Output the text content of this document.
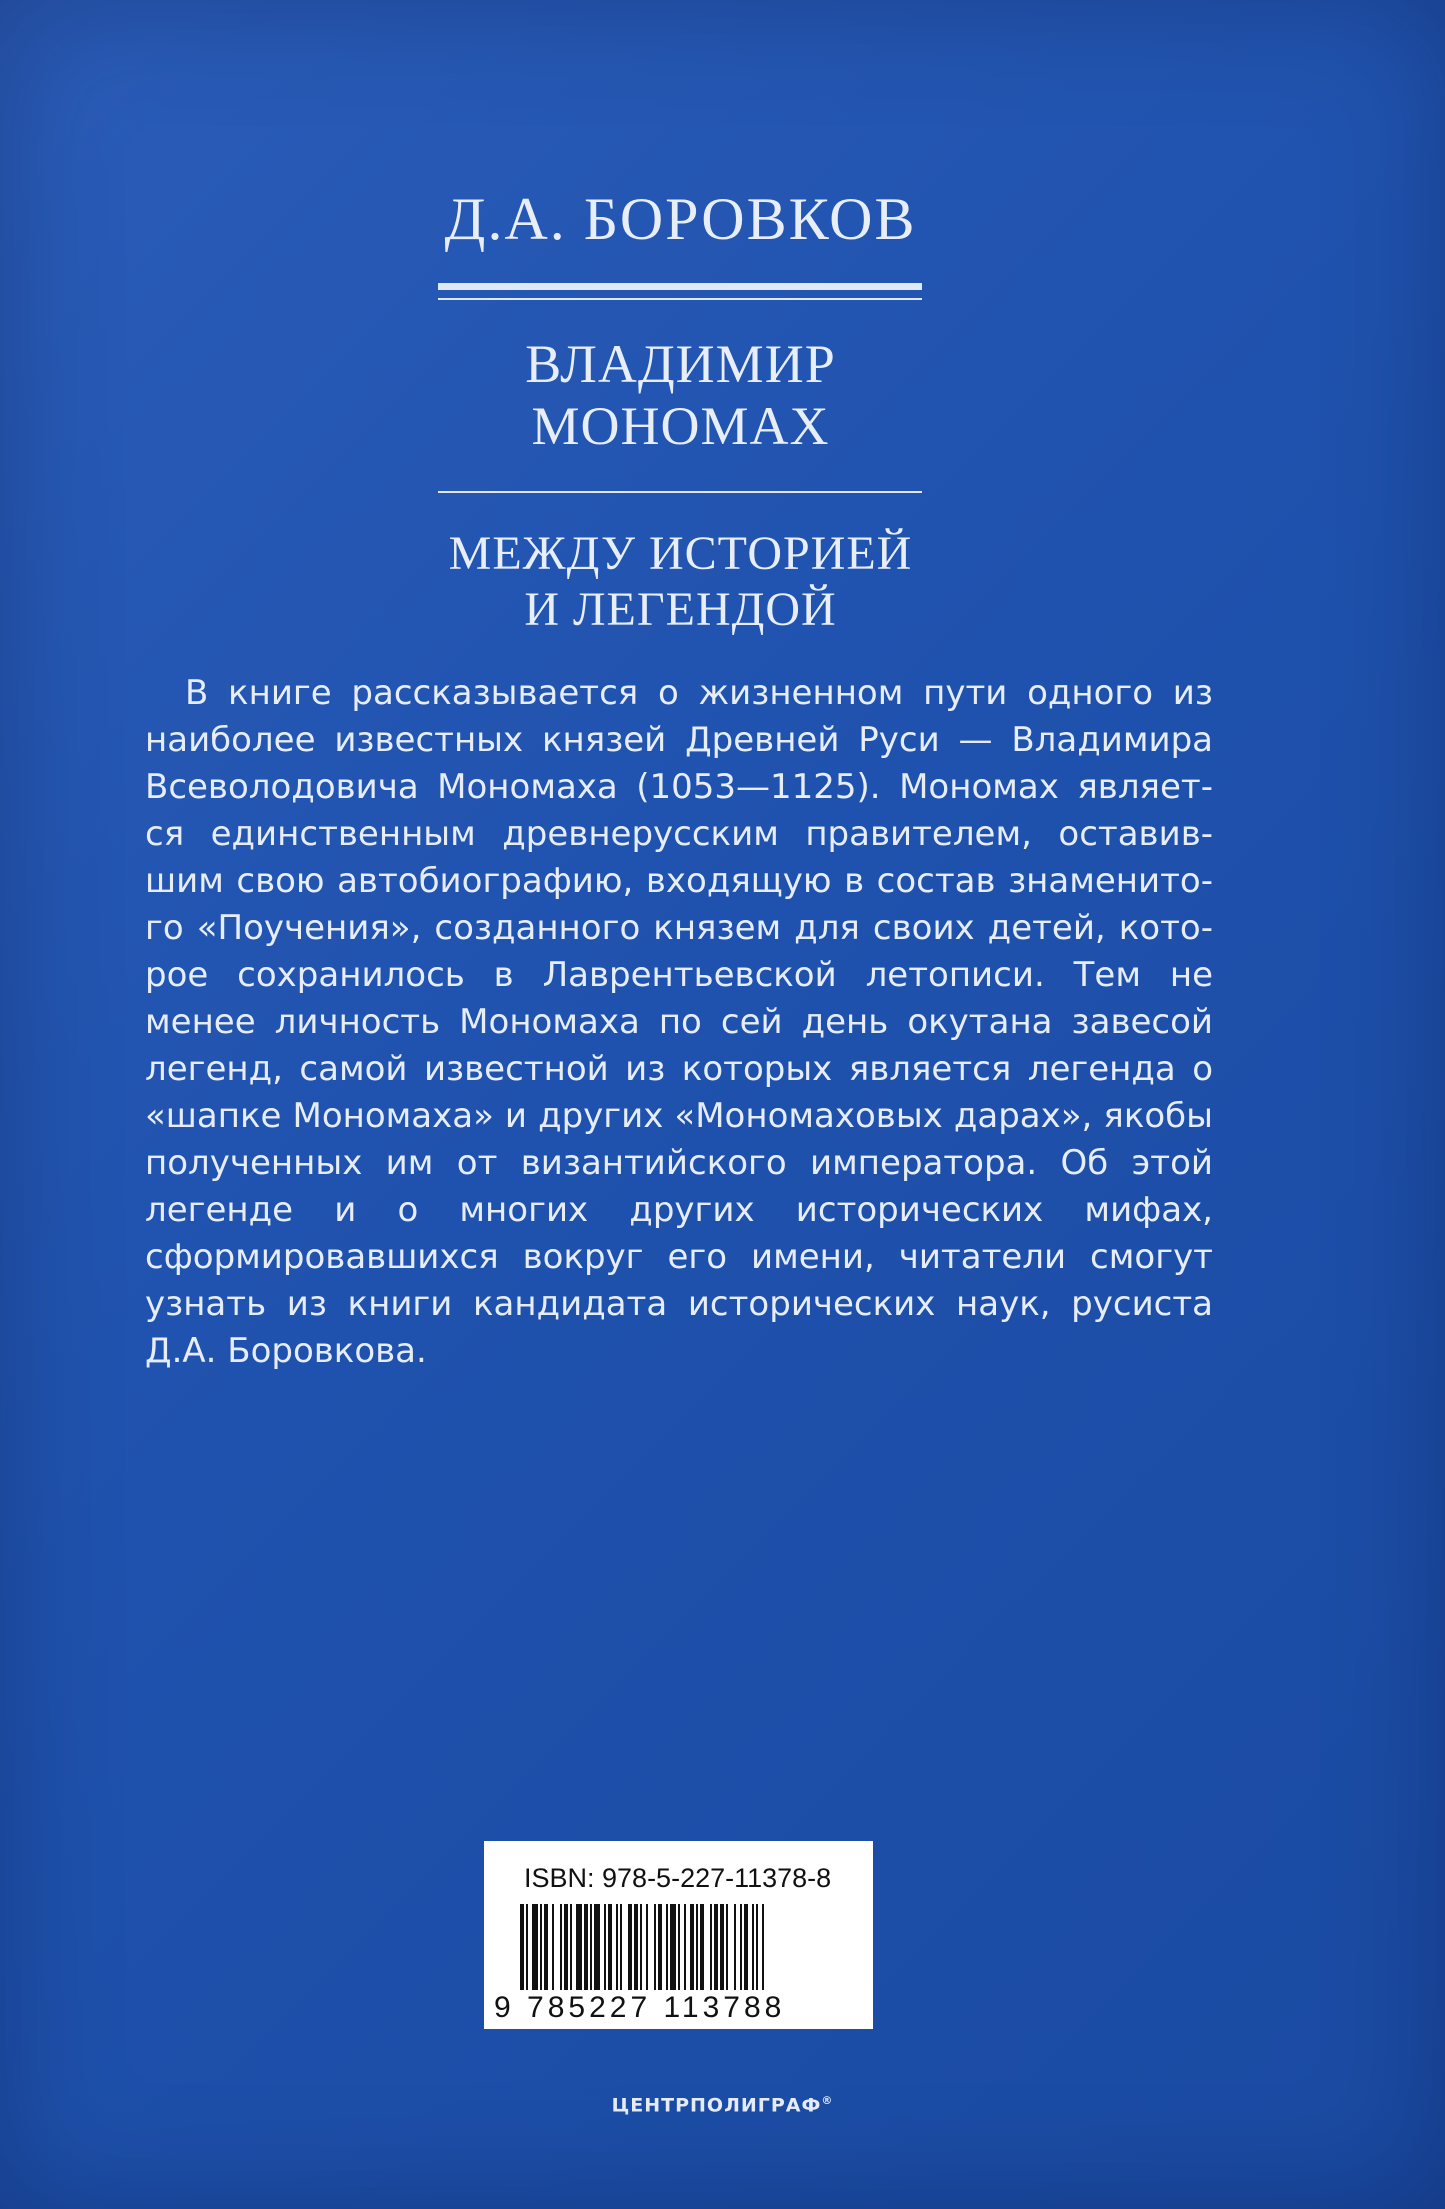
Д.А. БОРОВКОВ
ВЛАДИМИР
МОНОМАХ
МЕЖДУ ИСТОРИЕЙ
И ЛЕГЕНДОЙ
В книге рассказывается о жизненном пути одного из наиболее известных князей Древней Руси — Владимира Всеволодовича Мономаха (1053—1125). Мономах являет-ся единственным древнерусским правителем, оставив-шим свою автобиографию, входящую в состав знаменито-го «Поучения», созданного князем для своих детей, кото-рое сохранилось в Лаврентьевской летописи. Тем не менее личность Мономаха по сей день окутана завесой легенд, самой известной из которых является легенда о «шапке Мономаха» и других «Мономаховых дарах», якобы полученных им от византийского императора. Об этой легенде и о многих других исторических мифах, сформировавшихся вокруг его имени, читатели смогут узнать из книги кандидата исторических наук, русиста Д.А. Боровкова.
ISBN: 978-5-227-11378-8
9 785227 113788
ЦЕНТРПОЛИГРАФ®
